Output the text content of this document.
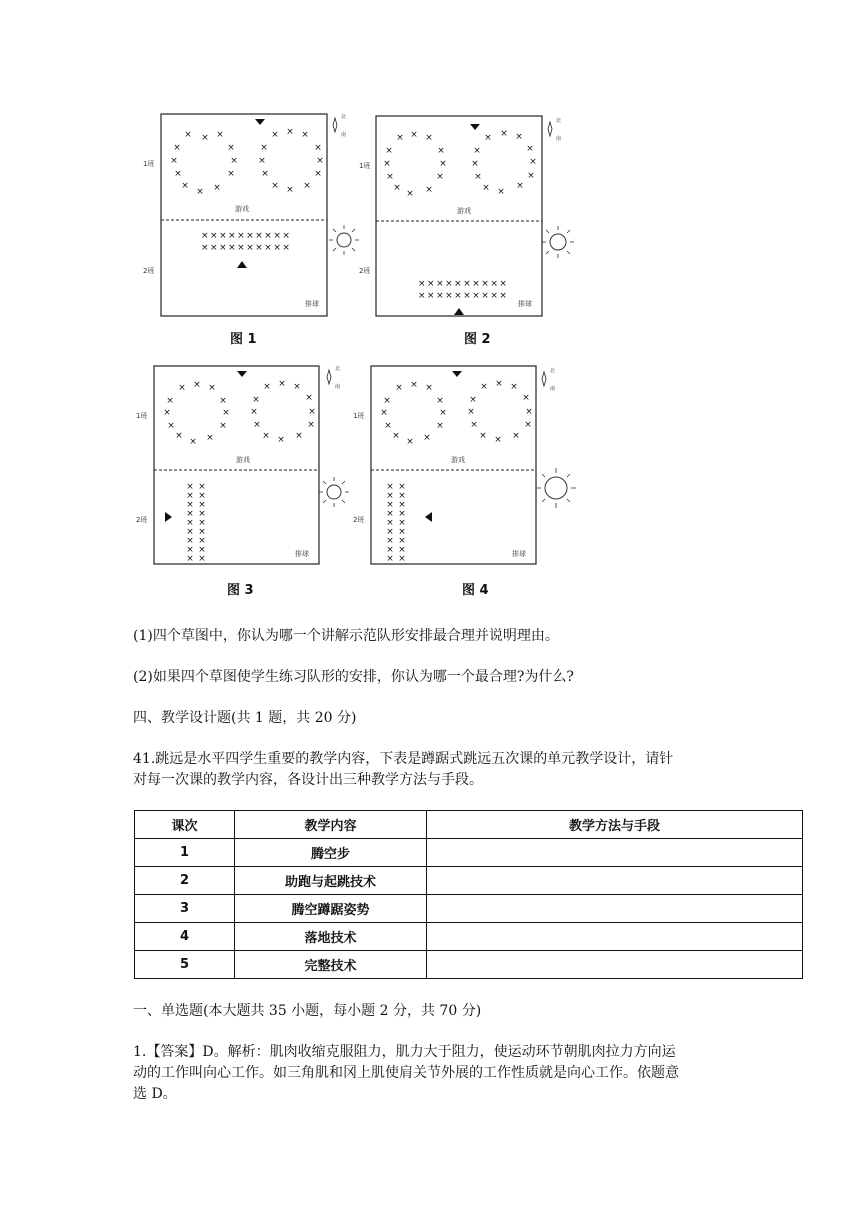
× × ×
×	×
×	×
×	×
×
× ×
× × ×
×	×
×	×
×	×
× × ×
××××××××××
××××××××××
1班
2班
游戏
排球
北
南
图 1
× × ×
×	×
×	×
×	×
×
× ×
× × ×
×	×
×	×
×	×
× ×
×
××××××××××
××××××××××
1班
2班
游戏
排球
北
南
图 2
× × ×
×	×
×	×
×	×
×
× ×
× × ×
×	×
×	×
×	×
× × ×
× ×
× ×
× ×
× ×
× ×
× ×
× ×
× ×
× ×
1班
2班
游戏
排球
北
南
图 3
× × ×
×	×
×	×
×	×
×
× ×
× × ×
×	×
×	×
×	×
× × ×
× ×
× ×
× ×
× ×
× ×
× ×
× ×
× ×
× ×
1班
2班
游戏
排球
北
南
图 4
(1)四个草图中，你认为哪一个讲解示范队形安排最合理并说明理由。
(2)如果四个草图使学生练习队形的安排，你认为哪一个最合理?为什么?
四、教学设计题(共 1 题，共 20 分)
41.跳远是水平四学生重要的教学内容，下表是蹲踞式跳远五次课的单元教学设计，请针
对每一次课的教学内容，各设计出三种教学方法与手段。
课次	教学内容	教学方法与手段
1	腾空步	
2	助跑与起跳技术	
3	腾空蹲踞姿势	
4	落地技术	
5	完整技术	
一、单选题(本大题共 35 小题，每小题 2 分，共 70 分)
1.【答案】D。解析：肌肉收缩克服阻力，肌力大于阻力，使运动环节朝肌肉拉力方向运
动的工作叫向心工作。如三角肌和冈上肌使肩关节外展的工作性质就是向心工作。依题意
选 D。
